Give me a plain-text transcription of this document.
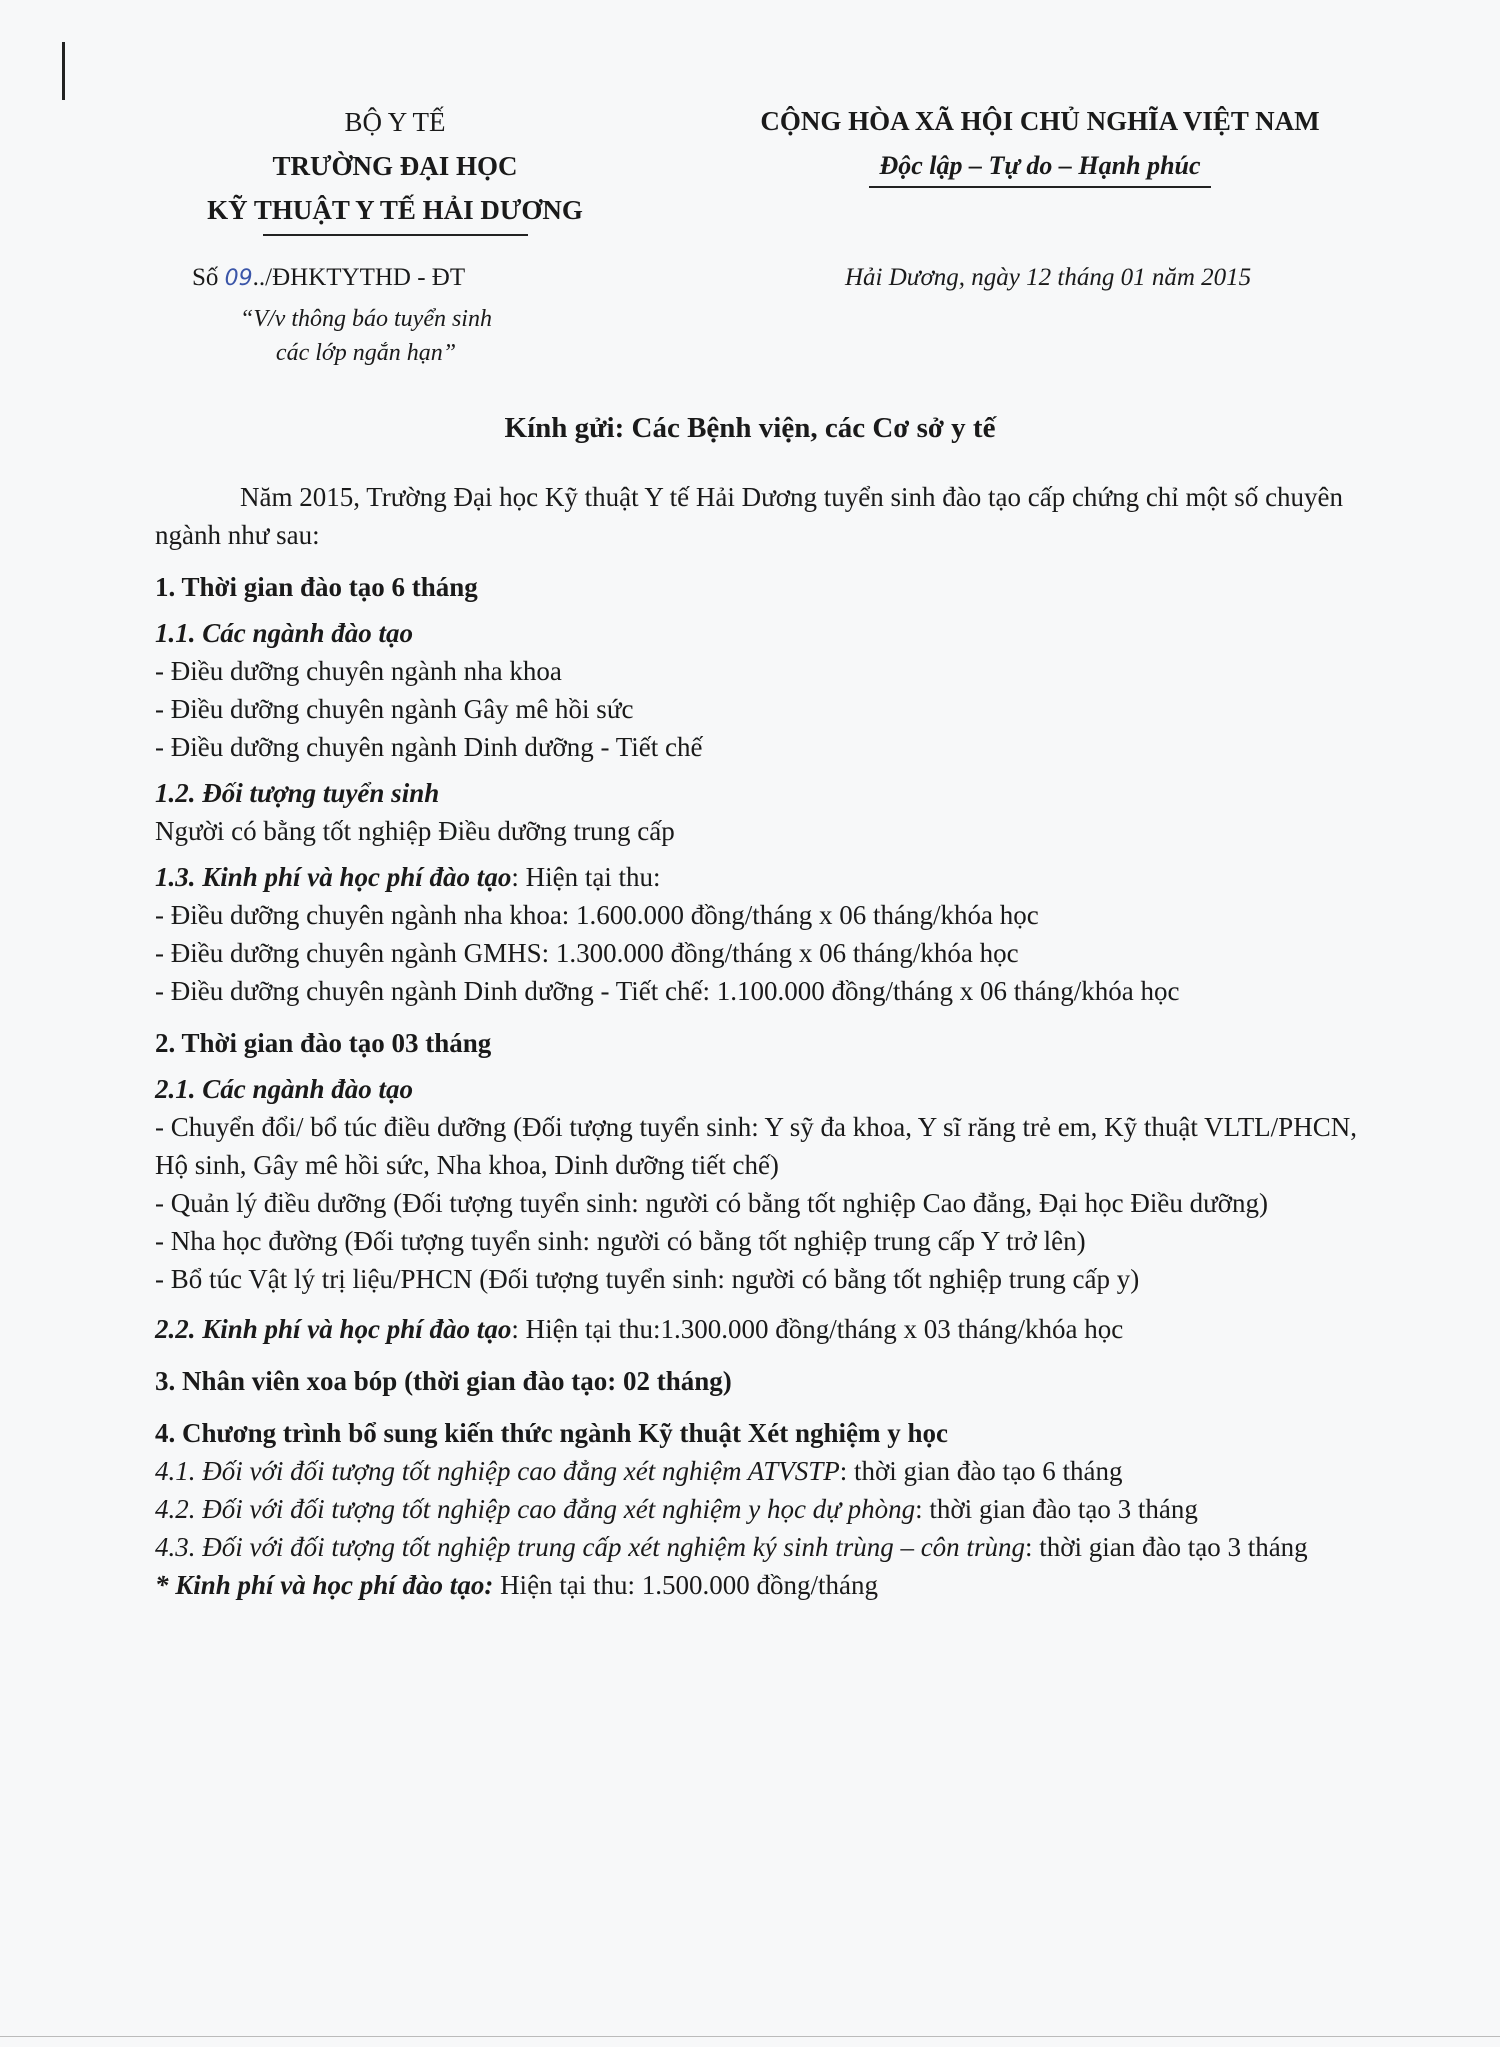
BỘ Y TẾ
TRƯỜNG ĐẠI HỌC
KỸ THUẬT Y TẾ HẢI DƯƠNG
CỘNG HÒA XÃ HỘI CHỦ NGHĨA VIỆT NAM
Độc lập – Tự do – Hạnh phúc
Số 09../ĐHKTYTHD - ĐT
“V/v thông báo tuyển sinh
các lớp ngắn hạn”
Hải Dương, ngày 12 tháng 01 năm 2015
Kính gửi: Các Bệnh viện, các Cơ sở y tế

Năm 2015, Trường Đại học Kỹ thuật Y tế Hải Dương tuyển sinh đào tạo cấp chứng chỉ một số chuyên ngành như sau:

1. Thời gian đào tạo 6 tháng

1.1. Các ngành đào tạo

- Điều dưỡng chuyên ngành nha khoa

- Điều dưỡng chuyên ngành Gây mê hồi sức

- Điều dưỡng chuyên ngành Dinh dưỡng - Tiết chế

1.2. Đối tượng tuyển sinh

Người có bằng tốt nghiệp Điều dưỡng trung cấp

1.3. Kinh phí và học phí đào tạo: Hiện tại thu:

- Điều dưỡng chuyên ngành nha khoa: 1.600.000 đồng/tháng x 06 tháng/khóa học

- Điều dưỡng chuyên ngành GMHS: 1.300.000 đồng/tháng x 06 tháng/khóa học

- Điều dưỡng chuyên ngành Dinh dưỡng - Tiết chế: 1.100.000 đồng/tháng x 06 tháng/khóa học

2. Thời gian đào tạo 03 tháng

2.1. Các ngành đào tạo

- Chuyển đổi/ bổ túc điều dưỡng (Đối tượng tuyển sinh: Y sỹ đa khoa, Y sĩ răng trẻ em, Kỹ thuật VLTL/PHCN, Hộ sinh, Gây mê hồi sức, Nha khoa, Dinh dưỡng tiết chế)

- Quản lý điều dưỡng (Đối tượng tuyển sinh: người có bằng tốt nghiệp Cao đẳng, Đại học Điều dưỡng)

- Nha học đường (Đối tượng tuyển sinh: người có bằng tốt nghiệp trung cấp Y trở lên)

- Bổ túc Vật lý trị liệu/PHCN (Đối tượng tuyển sinh: người có bằng tốt nghiệp trung cấp y)

2.2. Kinh phí và học phí đào tạo: Hiện tại thu:1.300.000 đồng/tháng x 03 tháng/khóa học

3. Nhân viên xoa bóp (thời gian đào tạo: 02 tháng)

4. Chương trình bổ sung kiến thức ngành Kỹ thuật Xét nghiệm y học

4.1. Đối với đối tượng tốt nghiệp cao đẳng xét nghiệm ATVSTP: thời gian đào tạo 6 tháng

4.2. Đối với đối tượng tốt nghiệp cao đẳng xét nghiệm y học dự phòng: thời gian đào tạo 3 tháng

4.3. Đối với đối tượng tốt nghiệp trung cấp xét nghiệm ký sinh trùng – côn trùng: thời gian đào tạo 3 tháng

* Kinh phí và học phí đào tạo: Hiện tại thu: 1.500.000 đồng/tháng
